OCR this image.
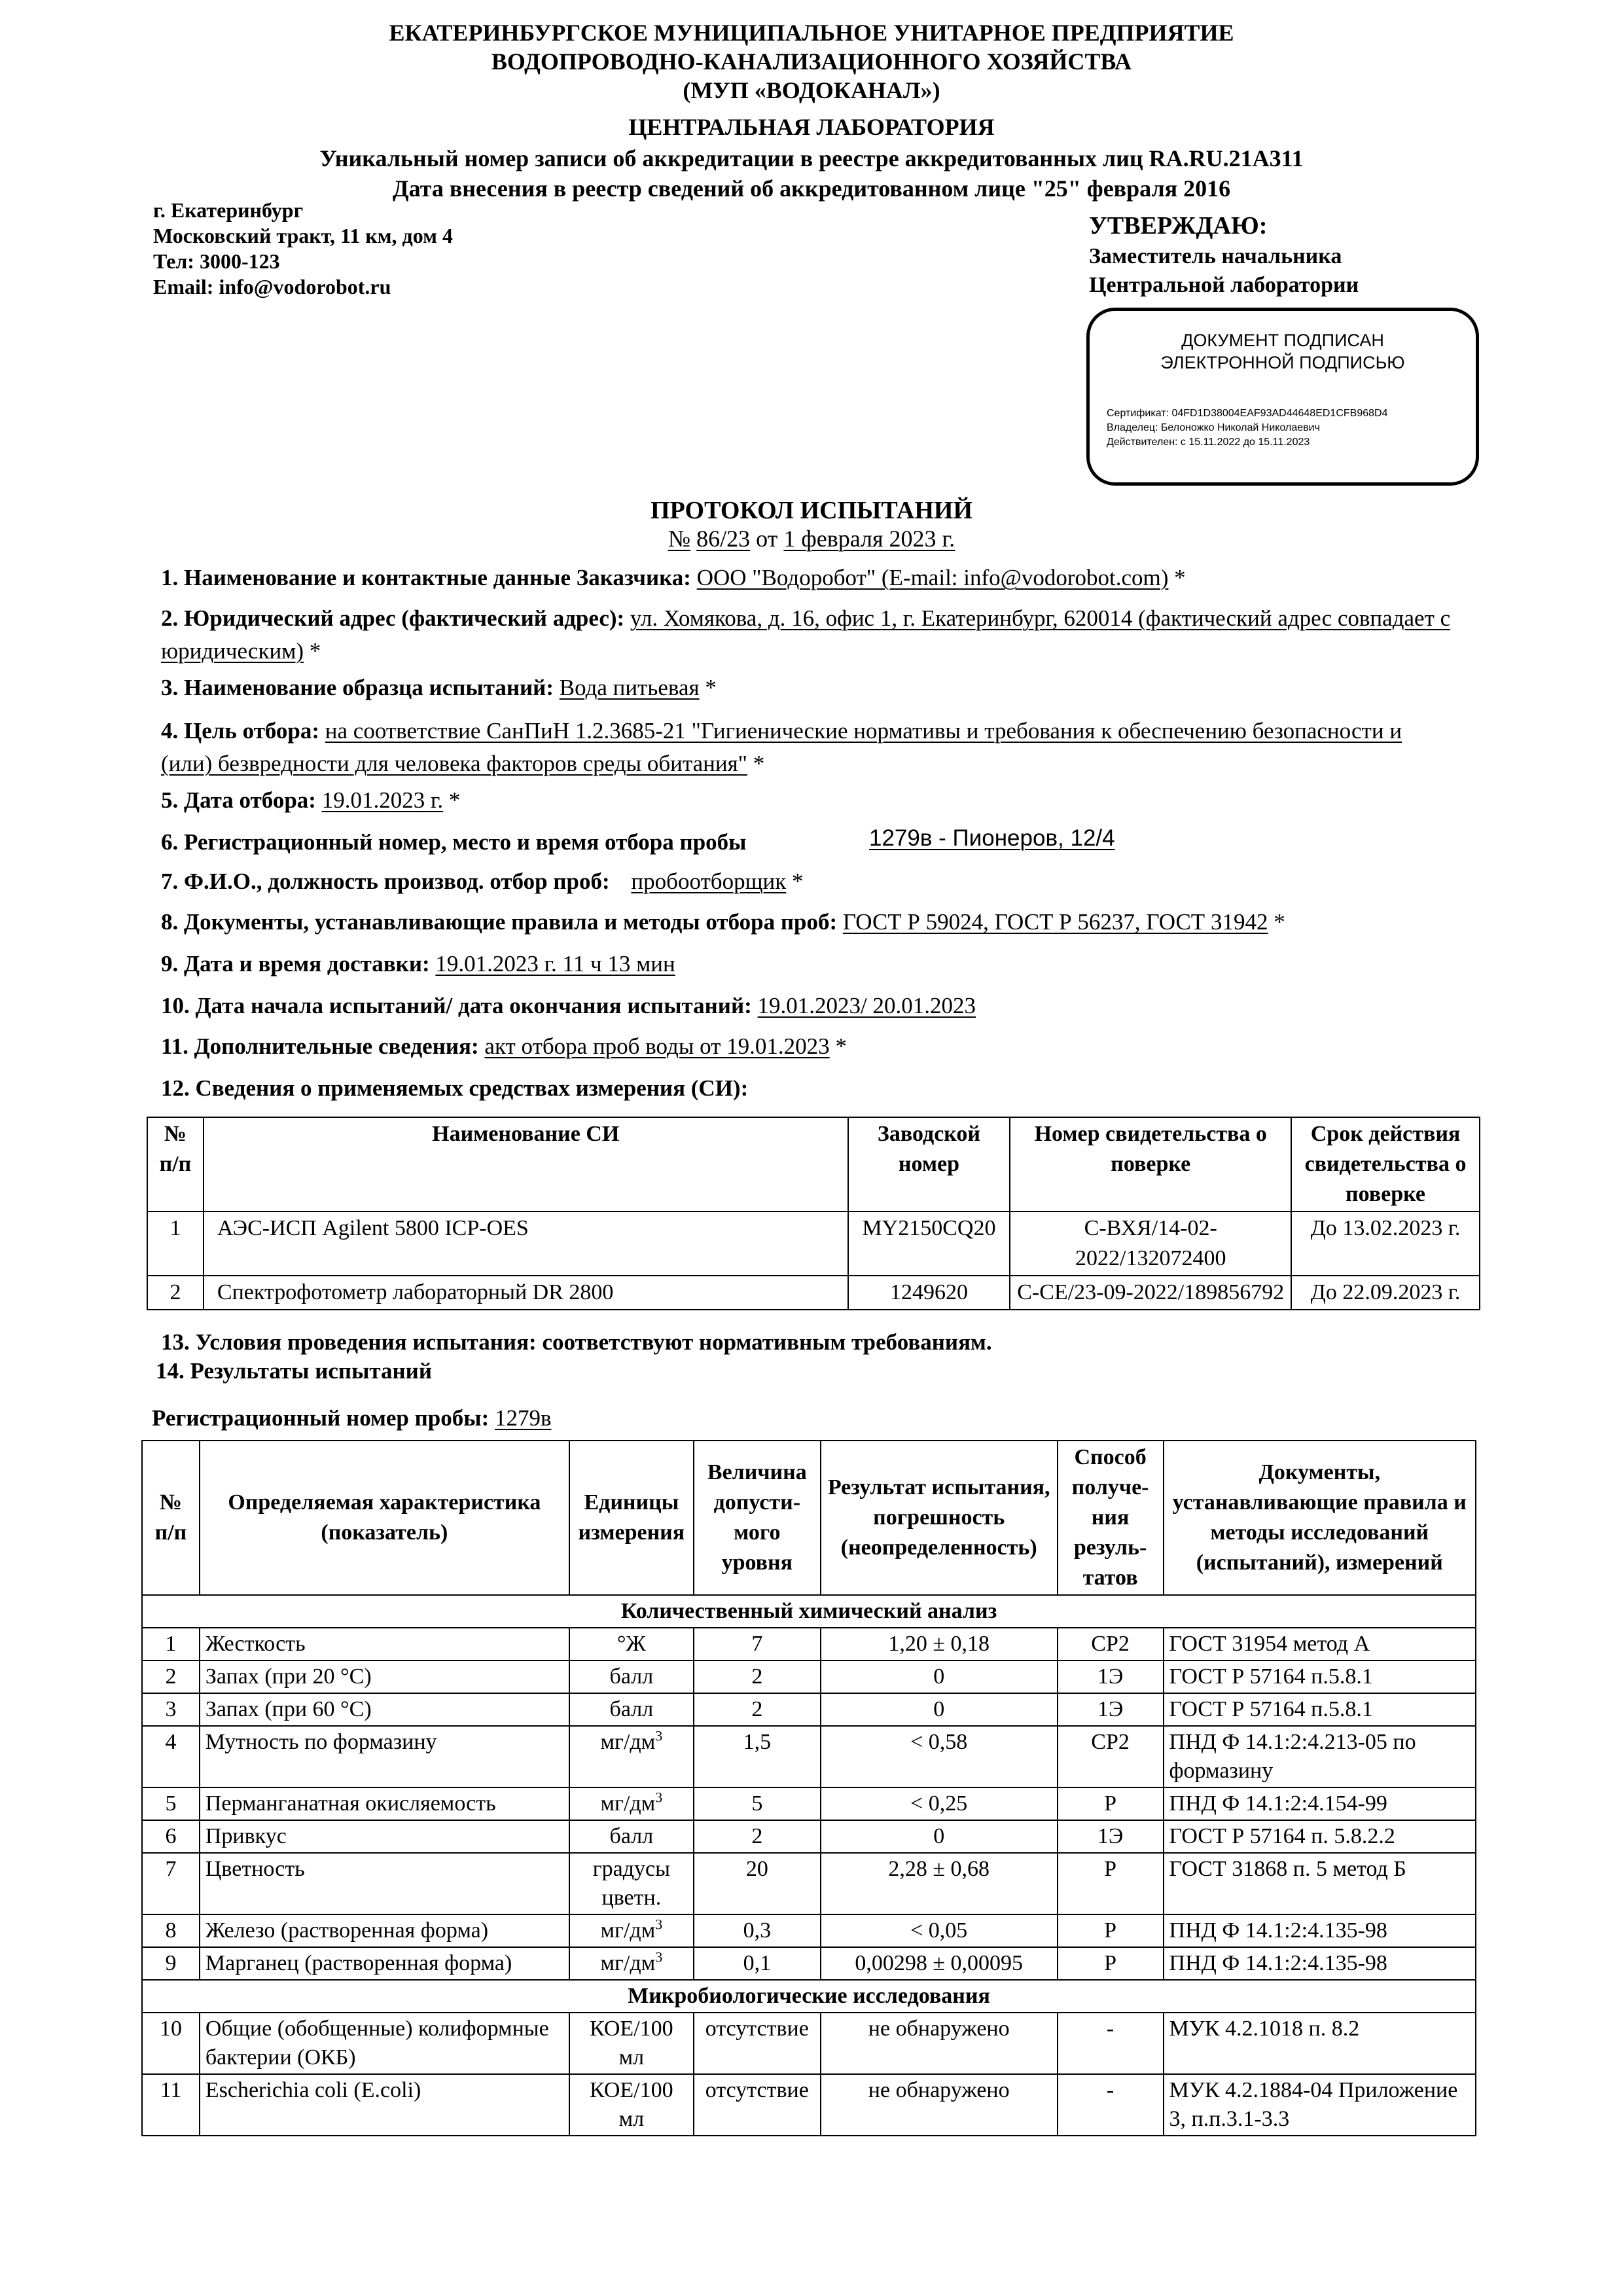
ЕКАТЕРИНБУРГСКОЕ МУНИЦИПАЛЬНОЕ УНИТАРНОЕ ПРЕДПРИЯТИЕ
ВОДОПРОВОДНО-КАНАЛИЗАЦИОННОГО ХОЗЯЙСТВА
(МУП «ВОДОКАНАЛ»)
ЦЕНТРАЛЬНАЯ ЛАБОРАТОРИЯ
Уникальный номер записи об аккредитации в реестре аккредитованных лиц RA.RU.21А311
Дата внесения в реестр сведений об аккредитованном лице "25" февраля 2016
г. Екатеринбург
Московский тракт, 11 км, дом 4
Тел: 3000-123
Email: info@vodorobot.ru
УТВЕРЖДАЮ:
Заместитель начальника
Центральной лаборатории
ДОКУМЕНТ ПОДПИСАН
ЭЛЕКТРОННОЙ ПОДПИСЬЮ
Сертификат: 04FD1D38004EAF93AD44648ED1CFB968D4
Владелец: Белоножко Николай Николаевич
Действителен: с 15.11.2022 до 15.11.2023
ПРОТОКОЛ ИСПЫТАНИЙ
№ 86/23 от 1 февраля 2023 г.
1. Наименование и контактные данные Заказчика: ООО "Водоробот" (E-mail: info@vodorobot.com) *
2. Юридический адрес (фактический адрес): ул. Хомякова, д. 16, офис 1, г. Екатеринбург, 620014 (фактический адрес совпадает с юридическим) *
3. Наименование образца испытаний: Вода питьевая *
4. Цель отбора: на соответствие СанПиН 1.2.3685-21 "Гигиенические нормативы и требования к обеспечению безопасности и (или) безвредности для человека факторов среды обитания" *
5. Дата отбора: 19.01.2023 г. *
6. Регистрационный номер, место и время отбора пробы	1279в - Пионеров, 12/4
7. Ф.И.О., должность производ. отбор проб: пробоотборщик *
8. Документы, устанавливающие правила и методы отбора проб: ГОСТ Р 59024, ГОСТ Р 56237, ГОСТ 31942 *
9. Дата и время доставки: 19.01.2023 г. 11 ч 13 мин
10. Дата начала испытаний/ дата окончания испытаний: 19.01.2023/ 20.01.2023
11. Дополнительные сведения: акт отбора проб воды от 19.01.2023 *
12. Сведения о применяемых средствах измерения (СИ):
№ п/п	Наименование СИ	Заводской номер	Номер свидетельства о поверке	Срок действия свидетельства о поверке
1	АЭС-ИСП Agilent 5800 ICP-OES	MY2150CQ20	С-ВХЯ/14-02-2022/132072400	До 13.02.2023 г.
2	Спектрофотометр лабораторный DR 2800	1249620	С-СЕ/23-09-2022/189856792	До 22.09.2023 г.
13. Условия проведения испытания: соответствуют нормативным требованиям.
14. Результаты испытаний
Регистрационный номер пробы: 1279в
№ п/п	Определяемая характеристика (показатель)	Единицы измерения	Величина допусти-мого уровня	Результат испытания, погрешность (неопределенность)	Способ получе-ния резуль-татов	Документы, устанавливающие правила и методы исследований (испытаний), измерений
Количественный химический анализ						
1	Жесткость	°Ж	7	1,20 ± 0,18	СР2	ГОСТ 31954 метод А
2	Запах (при 20 °С)	балл	2	0	1Э	ГОСТ Р 57164 п.5.8.1
3	Запах (при 60 °С)	балл	2	0	1Э	ГОСТ Р 57164 п.5.8.1
4	Мутность по формазину	$мг/дм^3$	1,5	< 0,58	СР2	ПНД Ф 14.1:2:4.213-05 по формазину
5	Перманганатная окисляемость	$мг/дм^3$	5	< 0,25	Р	ПНД Ф 14.1:2:4.154-99
6	Привкус	балл	2	0	1Э	ГОСТ Р 57164 п. 5.8.2.2
7	Цветность	градусы цветн.	20	2,28 ± 0,68	Р	ГОСТ 31868 п. 5 метод Б
8	Железо (растворенная форма)	$мг/дм^3$	0,3	< 0,05	Р	ПНД Ф 14.1:2:4.135-98
9	Марганец (растворенная форма)	$мг/дм^3$	0,1	0,00298 ± 0,00095	Р	ПНД Ф 14.1:2:4.135-98
Микробиологические исследования						
10	Общие (обобщенные) колиформные бактерии (ОКБ)	КОЕ/100 мл	отсутствие	не обнаружено	-	МУК 4.2.1018 п. 8.2
11	Escherichia coli (E.coli)	КОЕ/100 мл	отсутствие	не обнаружено	-	МУК 4.2.1884-04 Приложение 3, п.п.3.1-3.3
